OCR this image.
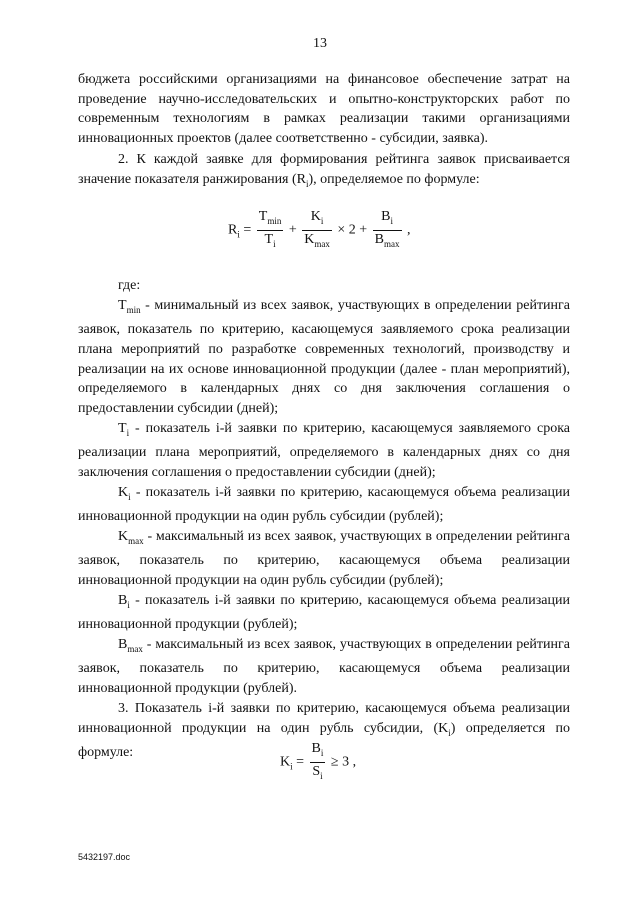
13

бюджета российскими организациями на финансовое обеспечение затрат на проведение научно-исследовательских и опытно-конструкторских работ по современным технологиям в рамках реализации такими организациями инновационных проектов (далее соответственно - субсидии, заявка).

2. К каждой заявке для формирования рейтинга заявок присваивается значение показателя ранжирования $(R_i)$, определяемое по формуле:

$R_i = \frac{T_{min}}{T_i} + \frac{K_i}{K_{max}} \times 2 + \frac{B_i}{B_{max}}$ ,

где:

$T_{min}$ - минимальный из всех заявок, участвующих в определении рейтинга заявок, показатель по критерию, касающемуся заявляемого срока реализации плана мероприятий по разработке современных технологий, производству и реализации на их основе инновационной продукции (далее - план мероприятий), определяемого в календарных днях со дня заключения соглашения о предоставлении субсидии (дней);

$T_i$ - показатель i-й заявки по критерию, касающемуся заявляемого срока реализации плана мероприятий, определяемого в календарных днях со дня заключения соглашения о предоставлении субсидии (дней);

$K_i$ - показатель i-й заявки по критерию, касающемуся объема реализации инновационной продукции на один рубль субсидии (рублей);

$K_{max}$ - максимальный из всех заявок, участвующих в определении рейтинга заявок, показатель по критерию, касающемуся объема реализации инновационной продукции на один рубль субсидии (рублей);

$B_i$ - показатель i-й заявки по критерию, касающемуся объема реализации инновационной продукции (рублей);

$B_{max}$ - максимальный из всех заявок, участвующих в определении рейтинга заявок, показатель по критерию, касающемуся объема реализации инновационной продукции (рублей).

3. Показатель i-й заявки по критерию, касающемуся объема реализации инновационной продукции на один рубль субсидии, $(K_i)$ определяется по формуле:

$K_i = \frac{B_i}{S_i} \ge 3$ ,
5432197.doc
